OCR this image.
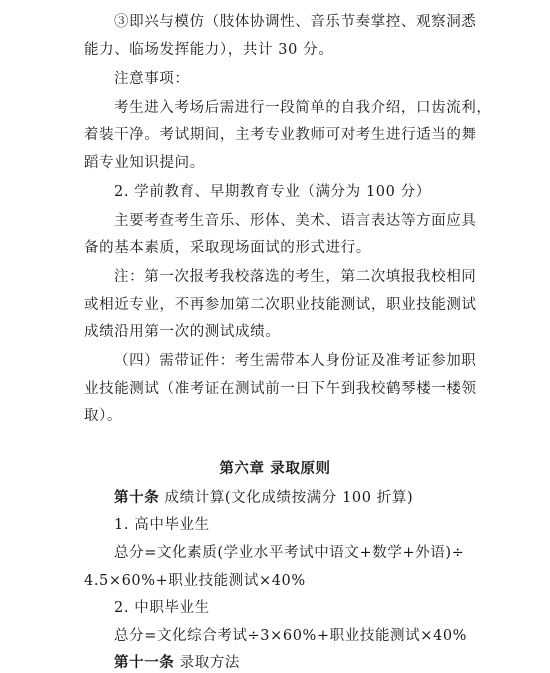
③即兴与模仿（肢体协调性、音乐节奏掌控、观察洞悉
能力、临场发挥能力），共计 30 分。
注意事项：
考生进入考场后需进行一段简单的自我介绍，口齿流利，
着装干净。考试期间，主考专业教师可对考生进行适当的舞
蹈专业知识提问。
2. 学前教育、早期教育专业（满分为 100 分）
主要考查考生音乐、形体、美术、语言表达等方面应具
备的基本素质，采取现场面试的形式进行。
注：第一次报考我校落选的考生，第二次填报我校相同
或相近专业，不再参加第二次职业技能测试，职业技能测试
成绩沿用第一次的测试成绩。
（四）需带证件：考生需带本人身份证及准考证参加职
业技能测试（准考证在测试前一日下午到我校鹤琴楼一楼领
取）。
第六章 录取原则
第十条 成绩计算(文化成绩按满分 100 折算)
1. 高中毕业生
总分=文化素质(学业水平考试中语文+数学+外语)÷
4.5×60%+职业技能测试×40%
2. 中职毕业生
总分=文化综合考试÷3×60%+职业技能测试×40%
第十一条 录取方法
